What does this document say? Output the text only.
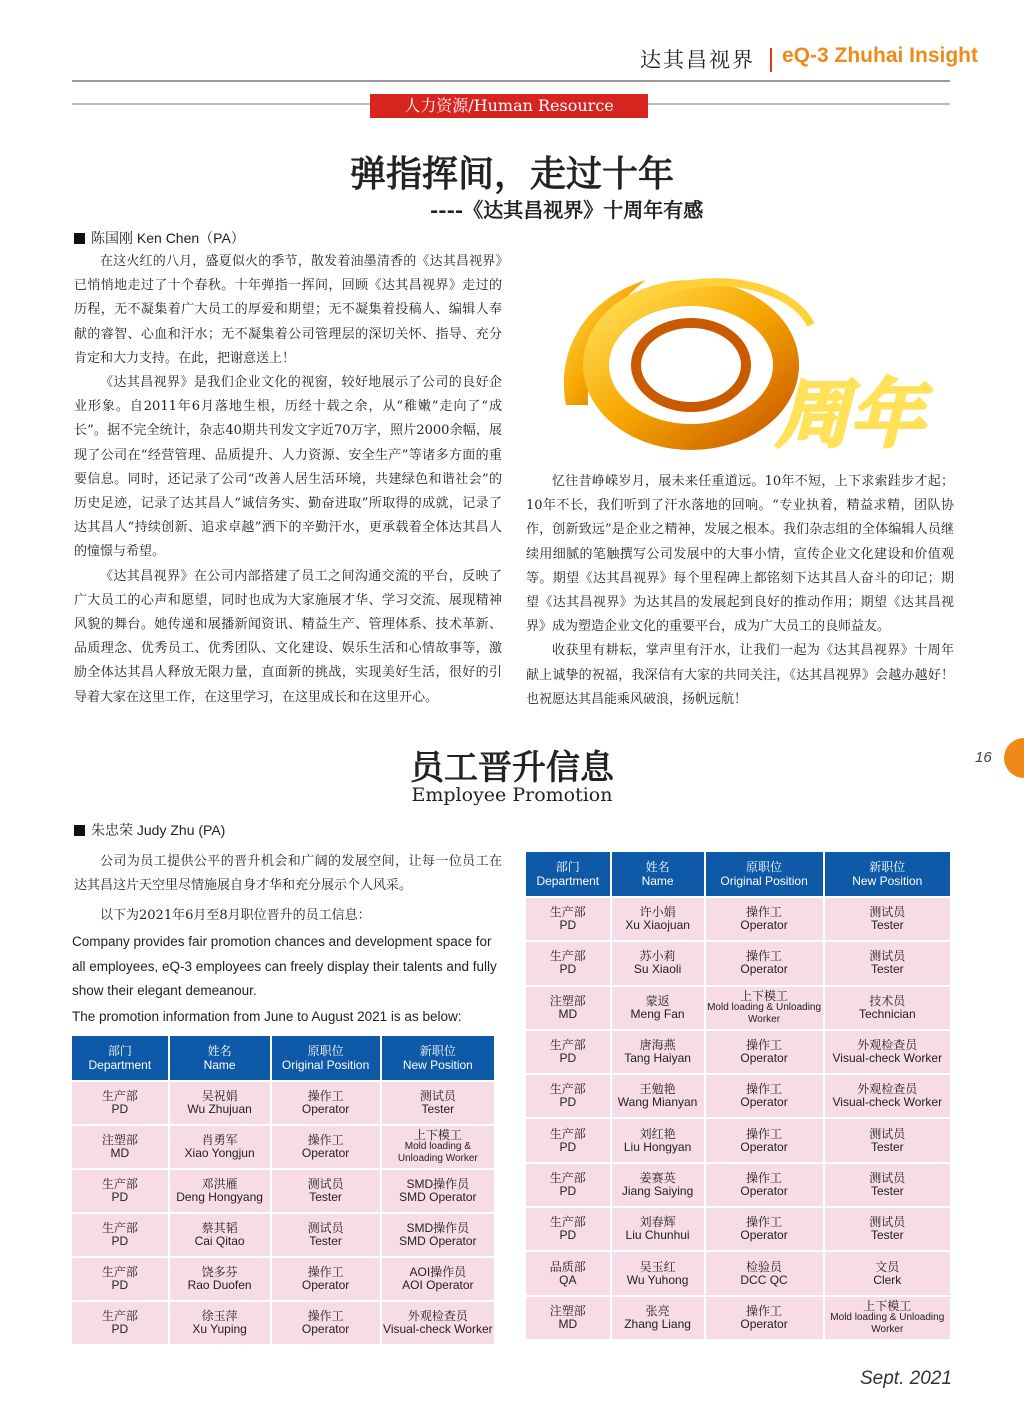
达其昌视界 eQ-3 Zhuhai Insight
人力资源/Human Resource
弹指挥间，走过十年
----《达其昌视界》十周年有感
陈国刚 Ken Chen（PA）

在这火红的八月，盛夏似火的季节，散发着油墨清香的《达其昌视界》已悄悄地走过了十个春秋。十年弹指一挥间，回顾《达其昌视界》走过的历程，无不凝集着广大员工的厚爱和期望；无不凝集着投稿人、编辑人奉献的睿智、心血和汗水；无不凝集着公司管理层的深切关怀、指导、充分肯定和大力支持。在此，把谢意送上！

《达其昌视界》是我们企业文化的视窗，较好地展示了公司的良好企业形象。自2011年6月落地生根，历经十载之余，从“稚嫩”走向了“成长”。据不完全统计，杂志40期共刊发文字近70万字，照片2000余幅，展现了公司在“经营管理、品质提升、人力资源、安全生产”等诸多方面的重要信息。同时，还记录了公司“改善人居生活环境，共建绿色和谐社会”的历史足迹，记录了达其昌人“诚信务实、勤奋进取”所取得的成就，记录了达其昌人“持续创新、追求卓越”洒下的辛勤汗水，更承载着全体达其昌人的憧憬与希望。

《达其昌视界》在公司内部搭建了员工之间沟通交流的平台，反映了广大员工的心声和愿望，同时也成为大家施展才华、学习交流、展现精神风貌的舞台。她传递和展播新闻资讯、精益生产、管理体系、技术革新、品质理念、优秀员工、优秀团队、文化建设、娱乐生活和心情故事等，激励全体达其昌人释放无限力量，直面新的挑战，实现美好生活，很好的引导着大家在这里工作，在这里学习，在这里成长和在这里开心。

周年

忆往昔峥嵘岁月，展未来任重道远。10年不短，上下求索跬步才起；10年不长，我们听到了汗水落地的回响。“专业执着，精益求精，团队协作，创新致远”是企业之精神，发展之根本。我们杂志组的全体编辑人员继续用细腻的笔触撰写公司发展中的大事小情，宣传企业文化建设和价值观等。期望《达其昌视界》每个里程碑上都铭刻下达其昌人奋斗的印记；期望《达其昌视界》为达其昌的发展起到良好的推动作用；期望《达其昌视界》成为塑造企业文化的重要平台，成为广大员工的良师益友。

收获里有耕耘，掌声里有汗水，让我们一起为《达其昌视界》十周年献上诚挚的祝福，我深信有大家的共同关注，《达其昌视界》会越办越好！也祝愿达其昌能乘风破浪，扬帆远航！

16
员工晋升信息
Employee Promotion
朱忠荣 Judy Zhu (PA)

公司为员工提供公平的晋升机会和广阔的发展空间，让每一位员工在达其昌这片天空里尽情施展自身才华和充分展示个人风采。

以下为2021年6月至8月职位晋升的员工信息：

Company provides fair promotion chances and development space for all employees, eQ-3 employees can freely display their talents and fully show their elegant demeanour.
The promotion information from June to August 2021 is as below:
部门
Department	姓名
Name	原职位
Original Position	新职位
New Position

生产部
PD	吴祝娟
Wu Zhujuan	操作工
Operator	测试员
Tester

注塑部
MD	肖勇军
Xiao Yongjun	操作工
Operator	上下模工
Mold loading & Unloading Worker

生产部
PD	邓洪雁
Deng Hongyang	测试员
Tester	SMD操作员
SMD Operator

生产部
PD	蔡其韬
Cai Qitao	测试员
Tester	SMD操作员
SMD Operator

生产部
PD	饶多芬
Rao Duofen	操作工
Operator	AOI操作员
AOI Operator

生产部
PD	徐玉萍
Xu Yuping	操作工
Operator	外观检查员
Visual-check Worker
部门
Department	姓名
Name	原职位
Original Position	新职位
New Position

生产部
PD	许小娟
Xu Xiaojuan	操作工
Operator	测试员
Tester

生产部
PD	苏小莉
Su Xiaoli	操作工
Operator	测试员
Tester

注塑部
MD	蒙返
Meng Fan	上下模工
Mold loading & Unloading Worker	技术员
Technician

生产部
PD	唐海燕
Tang Haiyan	操作工
Operator	外观检查员
Visual-check Worker

生产部
PD	王勉艳
Wang Mianyan	操作工
Operator	外观检查员
Visual-check Worker

生产部
PD	刘红艳
Liu Hongyan	操作工
Operator	测试员
Tester

生产部
PD	姜赛英
Jiang Saiying	操作工
Operator	测试员
Tester

生产部
PD	刘春辉
Liu Chunhui	操作工
Operator	测试员
Tester

品质部
QA	吴玉红
Wu Yuhong	检验员
DCC QC	文员
Clerk

注塑部
MD	张亮
Zhang Liang	操作工
Operator	上下模工
Mold loading & Unloading Worker
Sept. 2021
